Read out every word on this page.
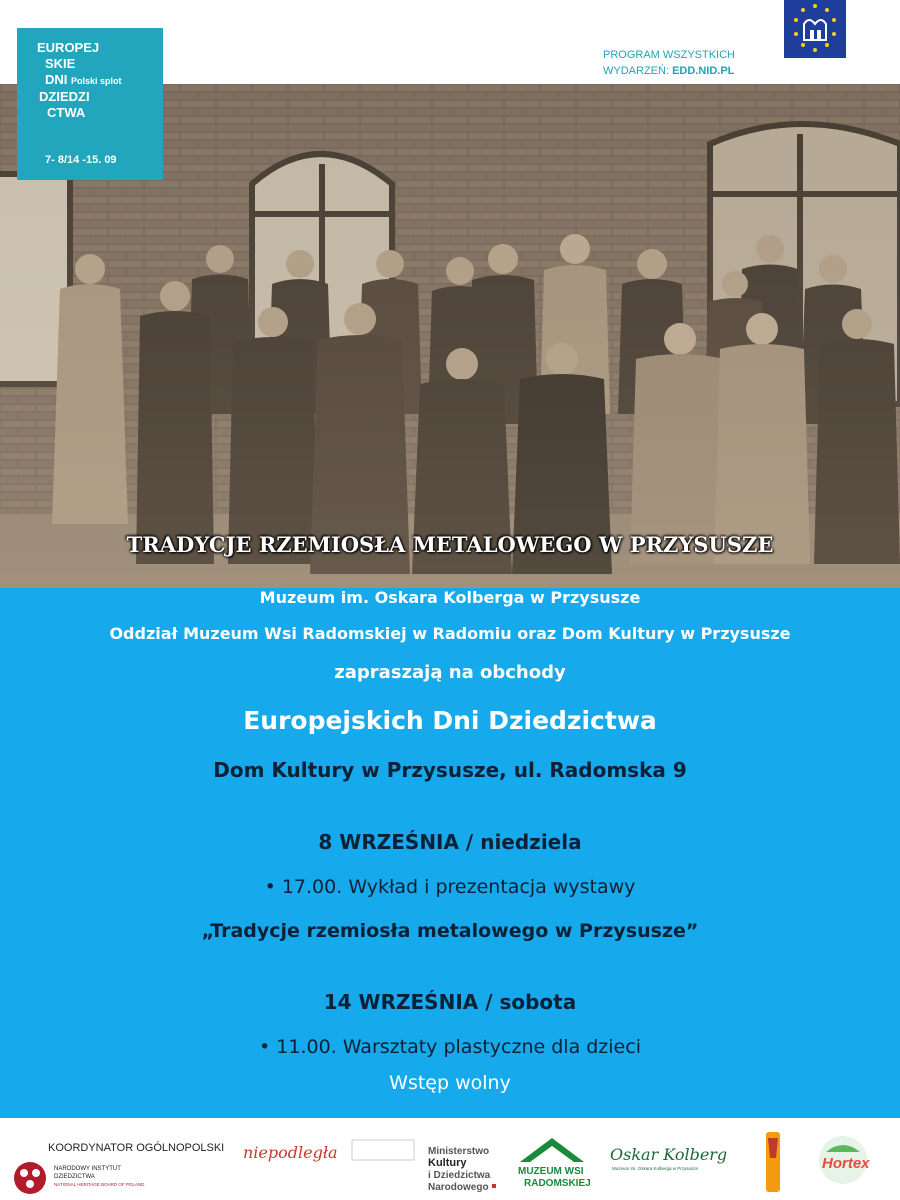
EUROPEJ
SKIE
DNI Polski splot
DZIEDZI
CTWA
7- 8/14 -15. 09
PROGRAM WSZYSTKICH
WYDARZEŃ: EDD.NID.PL
TRADYCJE RZEMIOSŁA METALOWEGO W PRZYSUSZE
Muzeum im. Oskara Kolberga w Przysusze
Oddział Muzeum Wsi Radomskiej w Radomiu oraz Dom Kultury w Przysusze
zapraszają na obchody
Europejskich Dni Dziedzictwa
Dom Kultury w Przysusze, ul. Radomska 9
8 WRZEŚNIA / niedziela
• 17.00. Wykład i prezentacja wystawy
„Tradycje rzemiosła metalowego w Przysusze”
14 WRZEŚNIA / sobota
• 11.00. Warsztaty plastyczne dla dzieci
Wstęp wolny
KOORDYNATOR OGÓLNOPOLSKI
NARODOWY INSTYTUT
DZIEDZICTWA
NATIONAL HERITAGE BOARD OF POLAND
niepodległa	Ministerstwo
Kultury
i Dziedzictwa
Narodowego
MUZEUM WSI
RADOMSKIEJ
Oskar Kolberg
Muzeum im. Oskara Kolberga w Przysusze	Hortex
